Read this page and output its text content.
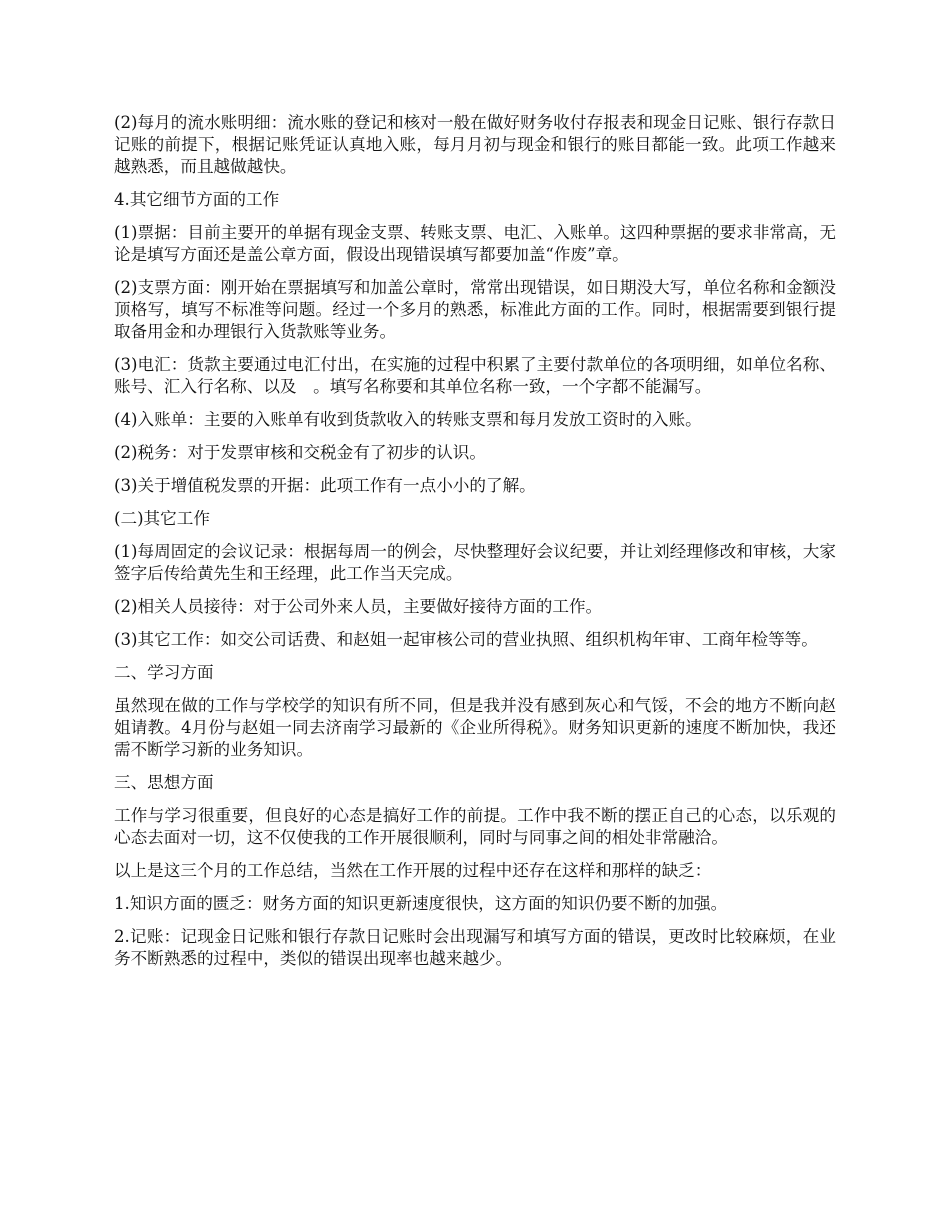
(2)每月的流水账明细：流水账的登记和核对一般在做好财务收付存报表和现金日记账、银行存款日记账的前提下，根据记账凭证认真地入账，每月月初与现金和银行的账目都能一致。此项工作越来越熟悉，而且越做越快。

4.其它细节方面的工作

(1)票据：目前主要开的单据有现金支票、转账支票、电汇、入账单。这四种票据的要求非常高，无论是填写方面还是盖公章方面，假设出现错误填写都要加盖“作废”章。

(2)支票方面：刚开始在票据填写和加盖公章时，常常出现错误，如日期没大写，单位名称和金额没顶格写，填写不标准等问题。经过一个多月的熟悉，标准此方面的工作。同时，根据需要到银行提取备用金和办理银行入货款账等业务。

(3)电汇：货款主要通过电汇付出，在实施的过程中积累了主要付款单位的各项明细，如单位名称、账号、汇入行名称、以及　。填写名称要和其单位名称一致，一个字都不能漏写。

(4)入账单：主要的入账单有收到货款收入的转账支票和每月发放工资时的入账。

(2)税务：对于发票审核和交税金有了初步的认识。

(3)关于增值税发票的开据：此项工作有一点小小的了解。

(二)其它工作

(1)每周固定的会议记录：根据每周一的例会，尽快整理好会议纪要，并让刘经理修改和审核，大家签字后传给黄先生和王经理，此工作当天完成。

(2)相关人员接待：对于公司外来人员，主要做好接待方面的工作。

(3)其它工作：如交公司话费、和赵姐一起审核公司的营业执照、组织机构年审、工商年检等等。

二、学习方面

虽然现在做的工作与学校学的知识有所不同，但是我并没有感到灰心和气馁，不会的地方不断向赵姐请教。4月份与赵姐一同去济南学习最新的《企业所得税》。财务知识更新的速度不断加快，我还需不断学习新的业务知识。

三、思想方面

工作与学习很重要，但良好的心态是搞好工作的前提。工作中我不断的摆正自己的心态，以乐观的心态去面对一切，这不仅使我的工作开展很顺利，同时与同事之间的相处非常融洽。

以上是这三个月的工作总结，当然在工作开展的过程中还存在这样和那样的缺乏：

1.知识方面的匮乏：财务方面的知识更新速度很快，这方面的知识仍要不断的加强。

2.记账：记现金日记账和银行存款日记账时会出现漏写和填写方面的错误，更改时比较麻烦，在业务不断熟悉的过程中，类似的错误出现率也越来越少。
